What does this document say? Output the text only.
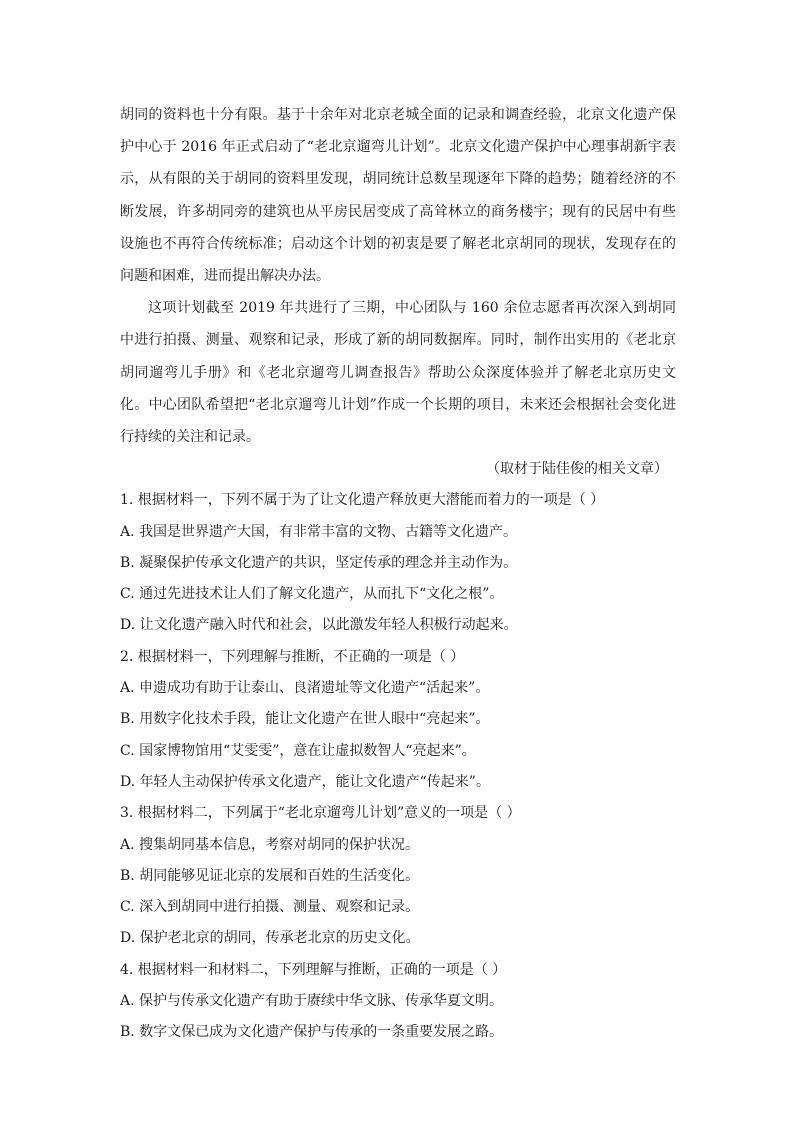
胡同的资料也十分有限。基于十余年对北京老城全面的记录和调查经验，北京文化遗产保护中心于 2016 年正式启动了“老北京遛弯儿计划”。北京文化遗产保护中心理事胡新宇表示，从有限的关于胡同的资料里发现，胡同统计总数呈现逐年下降的趋势；随着经济的不断发展，许多胡同旁的建筑也从平房民居变成了高耸林立的商务楼宇；现有的民居中有些设施也不再符合传统标准；启动这个计划的初衷是要了解老北京胡同的现状，发现存在的问题和困难，进而提出解决办法。

这项计划截至 2019 年共进行了三期，中心团队与 160 余位志愿者再次深入到胡同中进行拍摄、测量、观察和记录，形成了新的胡同数据库。同时，制作出实用的《老北京胡同遛弯儿手册》和《老北京遛弯儿调查报告》帮助公众深度体验并了解老北京历史文化。中心团队希望把“老北京遛弯儿计划”作成一个长期的项目，未来还会根据社会变化进行持续的关注和记录。

（取材于陆佳俊的相关文章）

1. 根据材料一，下列不属于为了让文化遗产释放更大潜能而着力的一项是（ ）

A. 我国是世界遗产大国，有非常丰富的文物、古籍等文化遗产。

B. 凝聚保护传承文化遗产的共识，坚定传承的理念并主动作为。

C. 通过先进技术让人们了解文化遗产，从而扎下“文化之根”。

D. 让文化遗产融入时代和社会，以此激发年轻人积极行动起来。

2. 根据材料一，下列理解与推断，不正确的一项是（ ）

A. 申遗成功有助于让泰山、良渚遗址等文化遗产“活起来”。

B. 用数字化技术手段，能让文化遗产在世人眼中“亮起来”。

C. 国家博物馆用“艾雯雯”，意在让虚拟数智人“亮起来”。

D. 年轻人主动保护传承文化遗产，能让文化遗产“传起来”。

3. 根据材料二，下列属于“老北京遛弯儿计划”意义的一项是（ ）

A. 搜集胡同基本信息，考察对胡同的保护状况。

B. 胡同能够见证北京的发展和百姓的生活变化。

C. 深入到胡同中进行拍摄、测量、观察和记录。

D. 保护老北京的胡同，传承老北京的历史文化。

4. 根据材料一和材料二，下列理解与推断，正确的一项是（ ）

A. 保护与传承文化遗产有助于赓续中华文脉、传承华夏文明。

B. 数字文保已成为文化遗产保护与传承的一条重要发展之路。
